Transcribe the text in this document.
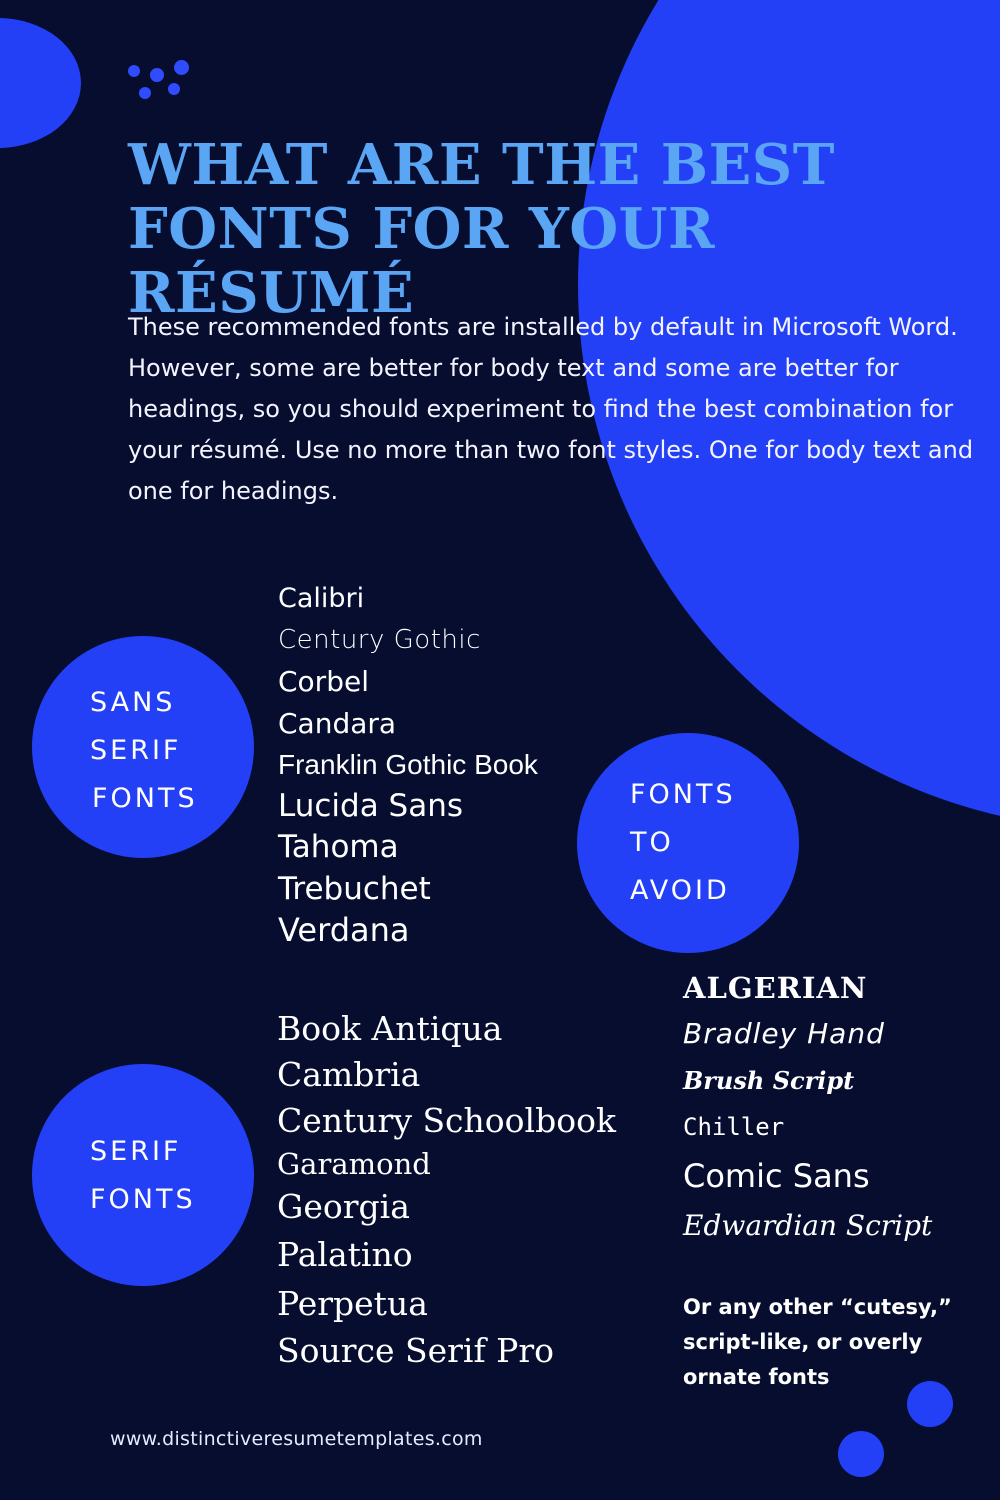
WHAT ARE THE BEST
FONTS FOR YOUR RÉSUMÉ

These recommended fonts are installed by default in Microsoft Word. However, some are better for body text and some are better for headings, so you should experiment to find the best combination for your résumé. Use no more than two font styles. One for body text and one for headings.

SANS
SERIF
FONTS
Calibri
Century Gothic
Corbel
Candara
Franklin Gothic Book
Lucida Sans
Tahoma
Trebuchet
Verdana
SERIF
FONTS
Book Antiqua
Cambria
Century Schoolbook
Garamond
Georgia
Palatino
Perpetua
Source Serif Pro
FONTS
TO
AVOID
ALGERIAN
Bradley Hand
Brush Script
Chiller
Comic Sans
Edwardian Script

Or any other “cutesy,”
script-like, or overly
ornate fonts

www.distinctiveresumetemplates.com
